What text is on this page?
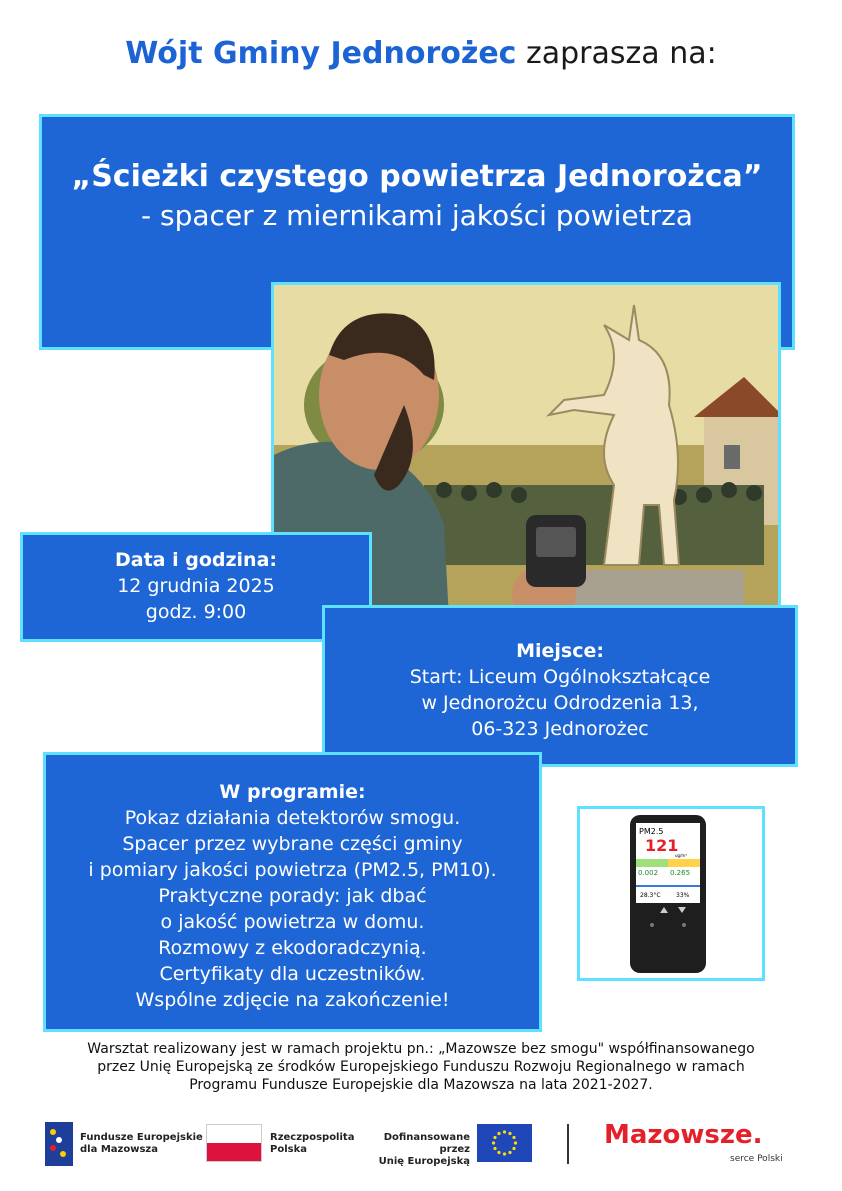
Wójt Gminy Jednorożec zaprasza na:
„Ścieżki czystego powietrza Jednorożca”
- spacer z miernikami jakości powietrza
Data i godzina:
12 grudnia 2025
godz. 9:00
Miejsce:
Start: Liceum Ogólnokształcące
w Jednorożcu Odrodzenia 13,
06-323 Jednorożec
W programie:
Pokaz działania detektorów smogu.
Spacer przez wybrane części gminy
i pomiary jakości powietrza (PM2.5, PM10).
Praktyczne porady: jak dbać
o jakość powietrza w domu.
Rozmowy z ekodoradczynią.
Certyfikaty dla uczestników.
Wspólne zdjęcie na zakończenie!
PM2.5
121
ug/m³
0.002 0.265
28.3°C	33%
Warsztat realizowany jest w ramach projektu pn.: „Mazowsze bez smogu" współfinansowanego
przez Unię Europejską ze środków Europejskiego Funduszu Rozwoju Regionalnego w ramach
Programu Fundusze Europejskie dla Mazowsza na lata 2021-2027.
Fundusze Europejskie
dla Mazowsza
Rzeczpospolita
Polska
Dofinansowane przez
Unię Europejską
Mazowsze.
serce Polski
